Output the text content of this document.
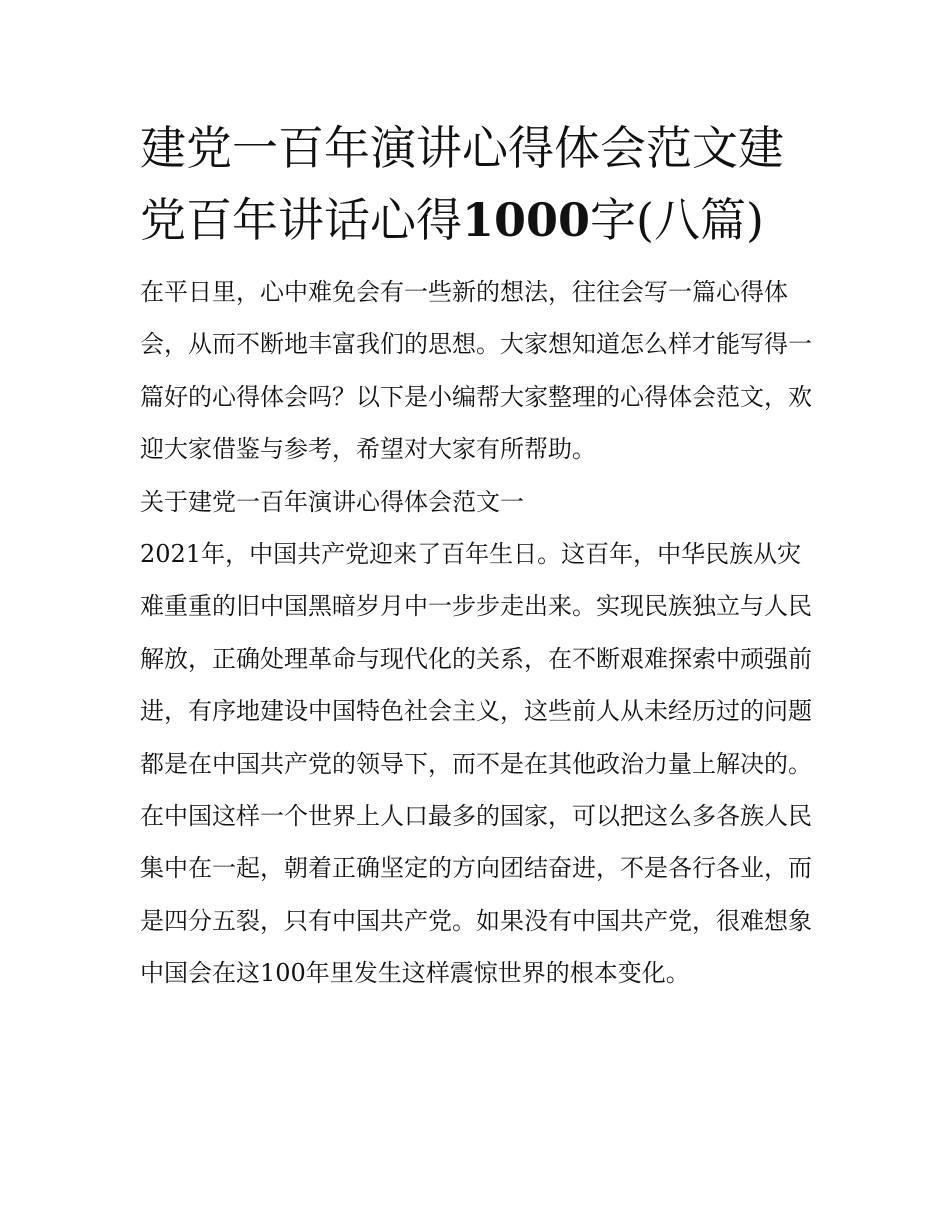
建党一百年演讲心得体会范文建党百年讲话心得1000字(八篇)

在平日里，心中难免会有一些新的想法，往往会写一篇心得体会，从而不断地丰富我们的思想。大家想知道怎么样才能写得一篇好的心得体会吗？以下是小编帮大家整理的心得体会范文，欢迎大家借鉴与参考，希望对大家有所帮助。

关于建党一百年演讲心得体会范文一

2021年，中国共产党迎来了百年生日。这百年，中华民族从灾难重重的旧中国黑暗岁月中一步步走出来。实现民族独立与人民解放，正确处理革命与现代化的关系，在不断艰难探索中顽强前进，有序地建设中国特色社会主义，这些前人从未经历过的问题都是在中国共产党的领导下，而不是在其他政治力量上解决的。在中国这样一个世界上人口最多的国家，可以把这么多各族人民集中在一起，朝着正确坚定的方向团结奋进，不是各行各业，而是四分五裂，只有中国共产党。如果没有中国共产党，很难想象中国会在这100年里发生这样震惊世界的根本变化。
